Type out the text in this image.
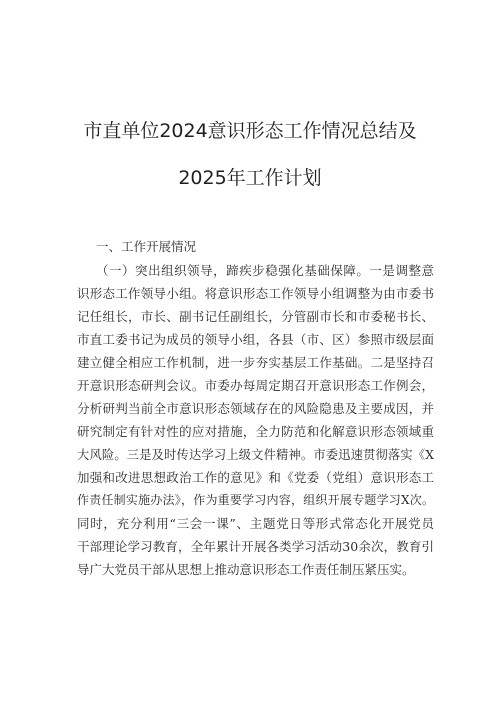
市直单位2024意识形态工作情况总结及
2025年工作计划
一、工作开展情况
（一）突出组织领导，蹄疾步稳强化基础保障。一是调整意
识形态工作领导小组。将意识形态工作领导小组调整为由市委书
记任组长，市长、副书记任副组长，分管副市长和市委秘书长、
市直工委书记为成员的领导小组，各县（市、区）参照市级层面
建立健全相应工作机制，进一步夯实基层工作基础。二是坚持召
开意识形态研判会议。市委办每周定期召开意识形态工作例会，
分析研判当前全市意识形态领域存在的风险隐患及主要成因，并
研究制定有针对性的应对措施，全力防范和化解意识形态领域重
大风险。三是及时传达学习上级文件精神。市委迅速贯彻落实《X
加强和改进思想政治工作的意见》和《党委（党组）意识形态工
作责任制实施办法》，作为重要学习内容，组织开展专题学习X次。
同时，充分利用“三会一课”、主题党日等形式常态化开展党员
干部理论学习教育，全年累计开展各类学习活动30余次，教育引
导广大党员干部从思想上推动意识形态工作责任制压紧压实。
